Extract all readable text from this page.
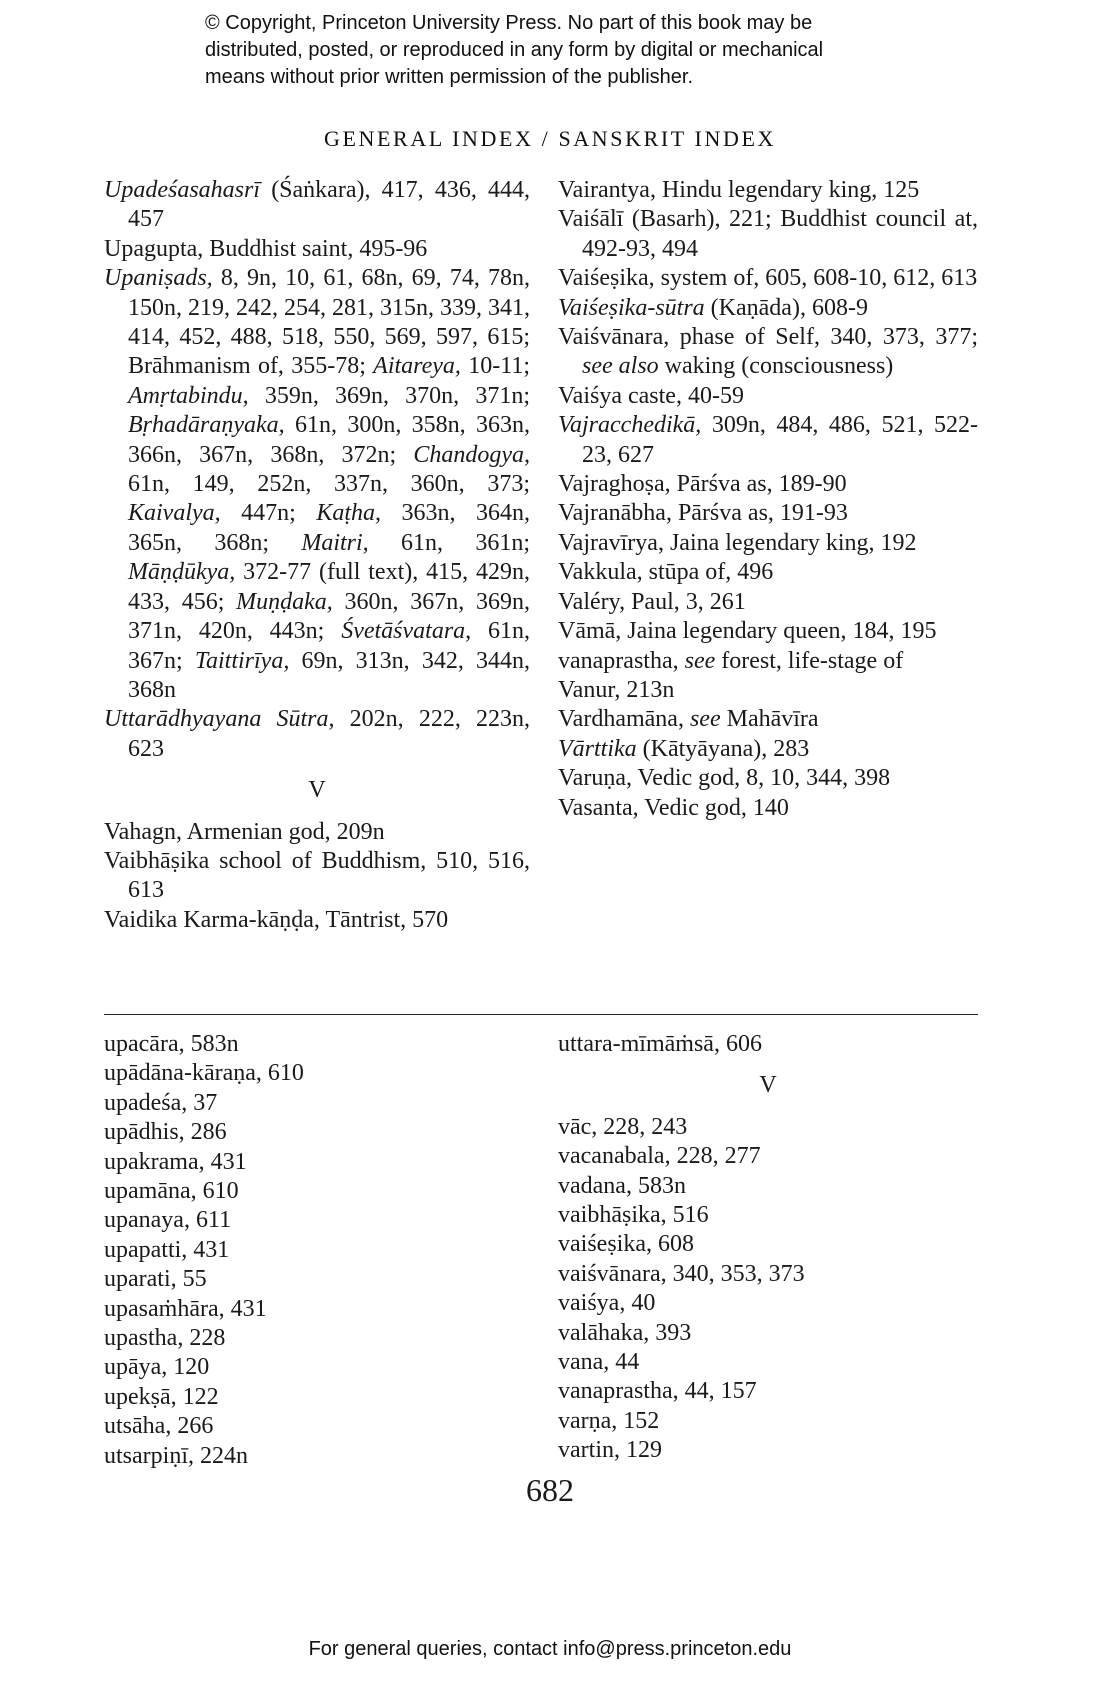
© Copyright, Princeton University Press. No part of this book may be
distributed, posted, or reproduced in any form by digital or mechanical
means without prior written permission of the publisher.
GENERAL INDEX / SANSKRIT INDEX
Upadeśasahasrī (Śaṅkara), 417, 436, 444, 457
Upagupta, Buddhist saint, 495-96
Upaniṣads, 8, 9n, 10, 61, 68n, 69, 74, 78n, 150n, 219, 242, 254, 281, 315n, 339, 341, 414, 452, 488, 518, 550, 569, 597, 615; Brāhmanism of, 355-78; Aitareya, 10-11; Amṛtabindu, 359n, 369n, 370n, 371n; Bṛhadāraṇyaka, 61n, 300n, 358n, 363n, 366n, 367n, 368n, 372n; Chandogya, 61n, 149, 252n, 337n, 360n, 373; Kaivalya, 447n; Kaṭha, 363n, 364n, 365n, 368n; Maitri, 61n, 361n; Māṇḍūkya, 372-77 (full text), 415, 429n, 433, 456; Muṇḍaka, 360n, 367n, 369n, 371n, 420n, 443n; Śvetāśvatara, 61n, 367n; Taittirīya, 69n, 313n, 342, 344n, 368n
Uttarādhyayana Sūtra, 202n, 222, 223n, 623
V
Vahagn, Armenian god, 209n
Vaibhāṣika school of Buddhism, 510, 516, 613
Vaidika Karma-kāṇḍa, Tāntrist, 570
Vairantya, Hindu legendary king, 125
Vaiśālī (Basarh), 221; Buddhist council at, 492-93, 494
Vaiśeṣika, system of, 605, 608-10, 612, 613
Vaiśeṣika-sūtra (Kaṇāda), 608-9
Vaiśvānara, phase of Self, 340, 373, 377; see also waking (consciousness)
Vaiśya caste, 40-59
Vajracchedikā, 309n, 484, 486, 521, 522-23, 627
Vajraghoṣa, Pārśva as, 189-90
Vajranābha, Pārśva as, 191-93
Vajravīrya, Jaina legendary king, 192
Vakkula, stūpa of, 496
Valéry, Paul, 3, 261
Vāmā, Jaina legendary queen, 184, 195
vanaprastha, see forest, life-stage of
Vanur, 213n
Vardhamāna, see Mahāvīra
Vārttika (Kātyāyana), 283
Varuṇa, Vedic god, 8, 10, 344, 398
Vasanta, Vedic god, 140
upacāra, 583n
upādāna-kāraṇa, 610
upadeśa, 37
upādhis, 286
upakrama, 431
upamāna, 610
upanaya, 611
upapatti, 431
uparati, 55
upasaṁhāra, 431
upastha, 228
upāya, 120
upekṣā, 122
utsāha, 266
utsarpiṇī, 224n
uttara-mīmāṁsā, 606
V
vāc, 228, 243
vacanabala, 228, 277
vadana, 583n
vaibhāṣika, 516
vaiśeṣika, 608
vaiśvānara, 340, 353, 373
vaiśya, 40
valāhaka, 393
vana, 44
vanaprastha, 44, 157
varṇa, 152
vartin, 129
682
For general queries, contact info@press.princeton.edu
